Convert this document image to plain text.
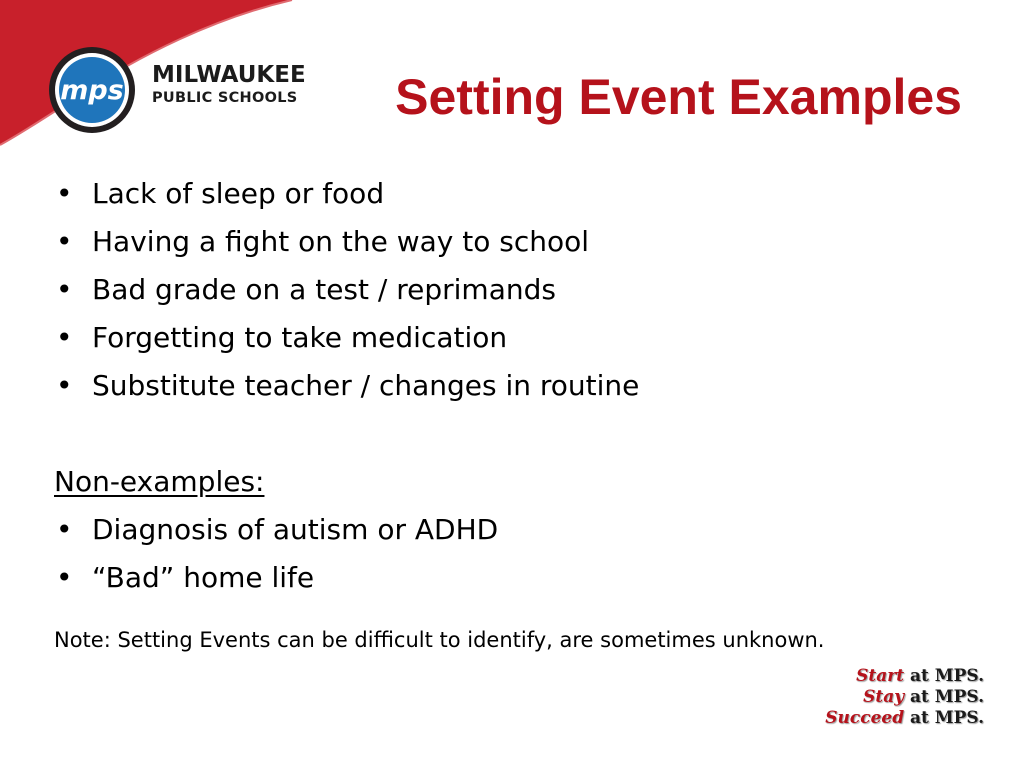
mps MILWAUKEE
PUBLIC SCHOOLS Setting Event Examples
• Lack of sleep or food
• Having a fight on the way to school
• Bad grade on a test / reprimands
• Forgetting to take medication
• Substitute teacher / changes in routine
Non-examples:
• Diagnosis of autism or ADHD
• “Bad” home life
Note: Setting Events can be difficult to identify, are sometimes unknown.
Start at MPS.
Stay at MPS.
Succeed at MPS.
